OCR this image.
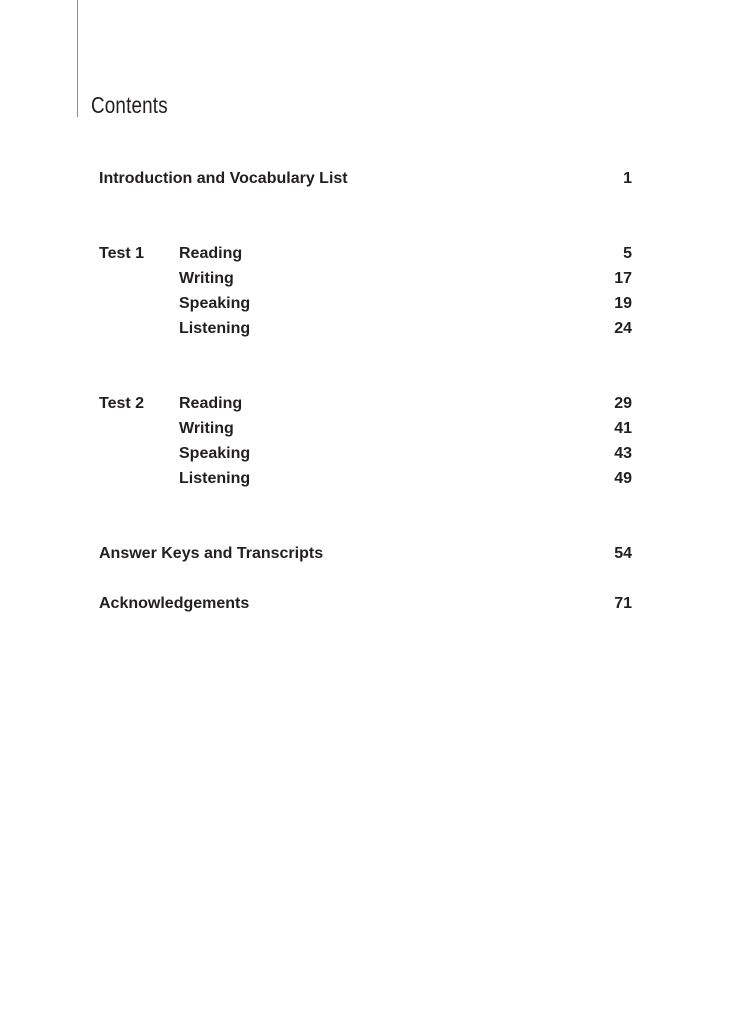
Contents
Introduction and Vocabulary List	1
Test 1 Reading	5
Writing	17
Speaking	19
Listening	24
Test 2 Reading	29
Writing	41
Speaking	43
Listening	49
Answer Keys and Transcripts	54
Acknowledgements	71
